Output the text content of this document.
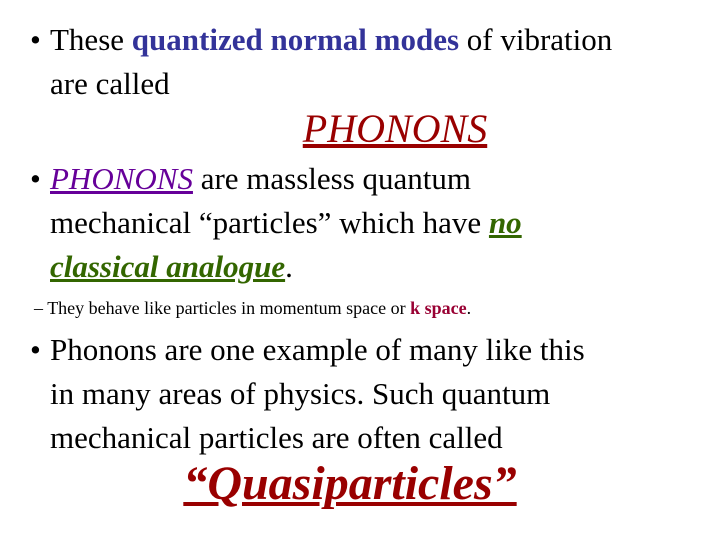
• These quantized normal modes of vibration
are called
PHONONS
• PHONONS are massless quantum
mechanical “particles” which have no
classical analogue.
– They behave like particles in momentum space or k space.
• Phonons are one example of many like this
in many areas of physics. Such quantum
mechanical particles are often called
“Quasiparticles”
